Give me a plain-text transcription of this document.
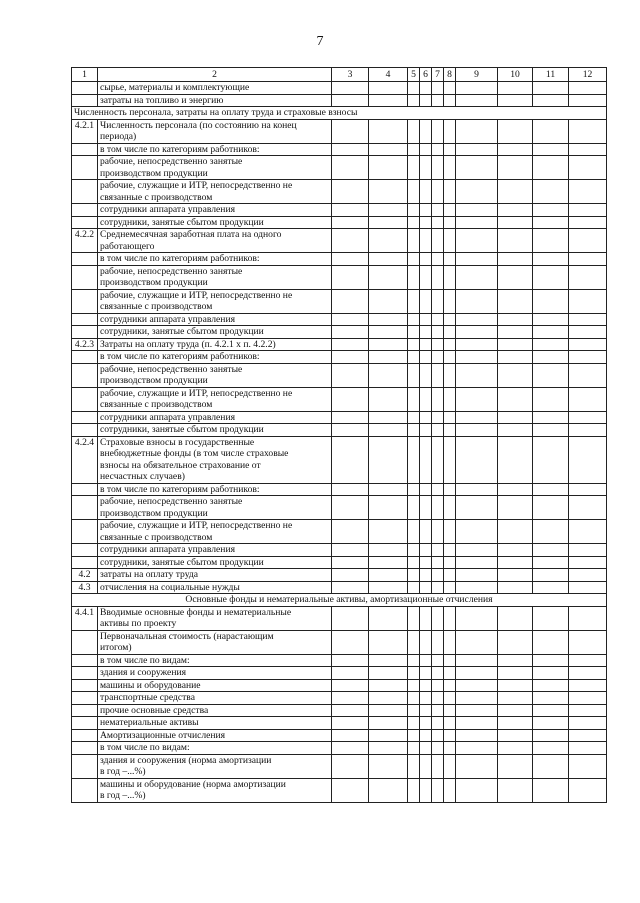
7
1	2	3	4	5	6	7	8	9	10	11	12

	сырье, материалы и комплектующие										

	затраты на топливо и энергию										

Численность персонала, затраты на оплату труда и страховые взносы											
4.2.1	Численность персонала (по состоянию на конец
периода)										

	в том числе по категориям работников:										

	рабочие, непосредственно занятые
производством продукции										

	рабочие, служащие и ИТР, непосредственно не
связанные с производством										

	сотрудники аппарата управления										

	сотрудники, занятые сбытом продукции										

4.2.2	Среднемесячная заработная плата на одного
работающего										

	в том числе по категориям работников:										

	рабочие, непосредственно занятые
производством продукции										

	рабочие, служащие и ИТР, непосредственно не
связанные с производством										

	сотрудники аппарата управления										

	сотрудники, занятые сбытом продукции										

4.2.3	Затраты на оплату труда (п. 4.2.1 х п. 4.2.2)										

	в том числе по категориям работников:										

	рабочие, непосредственно занятые
производством продукции										

	рабочие, служащие и ИТР, непосредственно не
связанные с производством										

	сотрудники аппарата управления										

	сотрудники, занятые сбытом продукции										

4.2.4	Страховые взносы в государственные
внебюджетные фонды (в том числе страховые
взносы на обязательное страхование от
несчастных случаев)										

	в том числе по категориям работников:										

	рабочие, непосредственно занятые
производством продукции										

	рабочие, служащие и ИТР, непосредственно не
связанные с производством										

	сотрудники аппарата управления										

	сотрудники, занятые сбытом продукции										

4.2	затраты на оплату труда										

4.3	отчисления на социальные нужды										

Основные фонды и нематериальные активы, амортизационные отчисления											
4.4.1	Вводимые основные фонды и нематериальные
активы по проекту										

	Первоначальная стоимость (нарастающим
итогом)										

	в том числе по видам:										

	здания и сооружения										

	машины и оборудование										

	транспортные средства										

	прочие основные средства										

	нематериальные активы										

	Амортизационные отчисления										

	в том числе по видам:										

	здания и сооружения (норма амортизации
в год –...%)										

	машины и оборудование (норма амортизации
в год –...%)										
